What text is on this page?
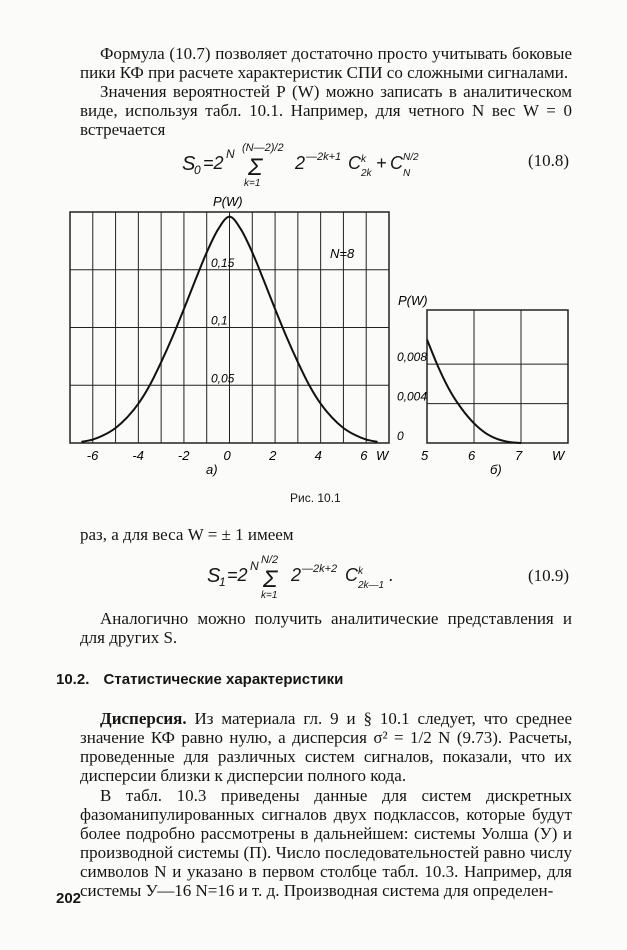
Формула (10.7) позволяет достаточно просто учитывать боковые пики КФ при расчете характеристик СПИ со сложными сигналами.

Значения вероятностей Р (W) можно записать в аналитическом виде, используя табл. 10.1. Например, для четного N вес W = 0 встречается

S
0 =2 N (N—2)/2
Σ
k=1
2 —2k+1 C k
2k
+ C N/2
N
(10.8)
-6	-4	-2	0	2	4	6
0,05
0,1
0,15
P(W)
W
N=8
а)
5	6	7
0
0,004
0,008
P(W)
W
б)
Рис. 10.1

раз, а для веса W = ± 1 имеем

S
1 =2 N N/2
Σ
k=1
2 —2k+2 C k
2k—1
.	(10.9)

Аналогично можно получить аналитические представления и для других S.

10.2. Статистические характеристики

Дисперсия. Из материала гл. 9 и § 10.1 следует, что среднее значение КФ равно нулю, а дисперсия σ² = 1/2 N (9.73). Расчеты, проведенные для различных систем сигналов, показали, что их дисперсии близки к дисперсии полного кода.

В табл. 10.3 приведены данные для систем дискретных фазоманипулированных сигналов двух подклассов, которые будут более подробно рассмотрены в дальнейшем: системы Уолша (У) и производной системы (П). Число последовательностей равно числу символов N и указано в первом столбце табл. 10.3. Например, для системы У—16 N=16 и т. д. Производная система для определен-

202
